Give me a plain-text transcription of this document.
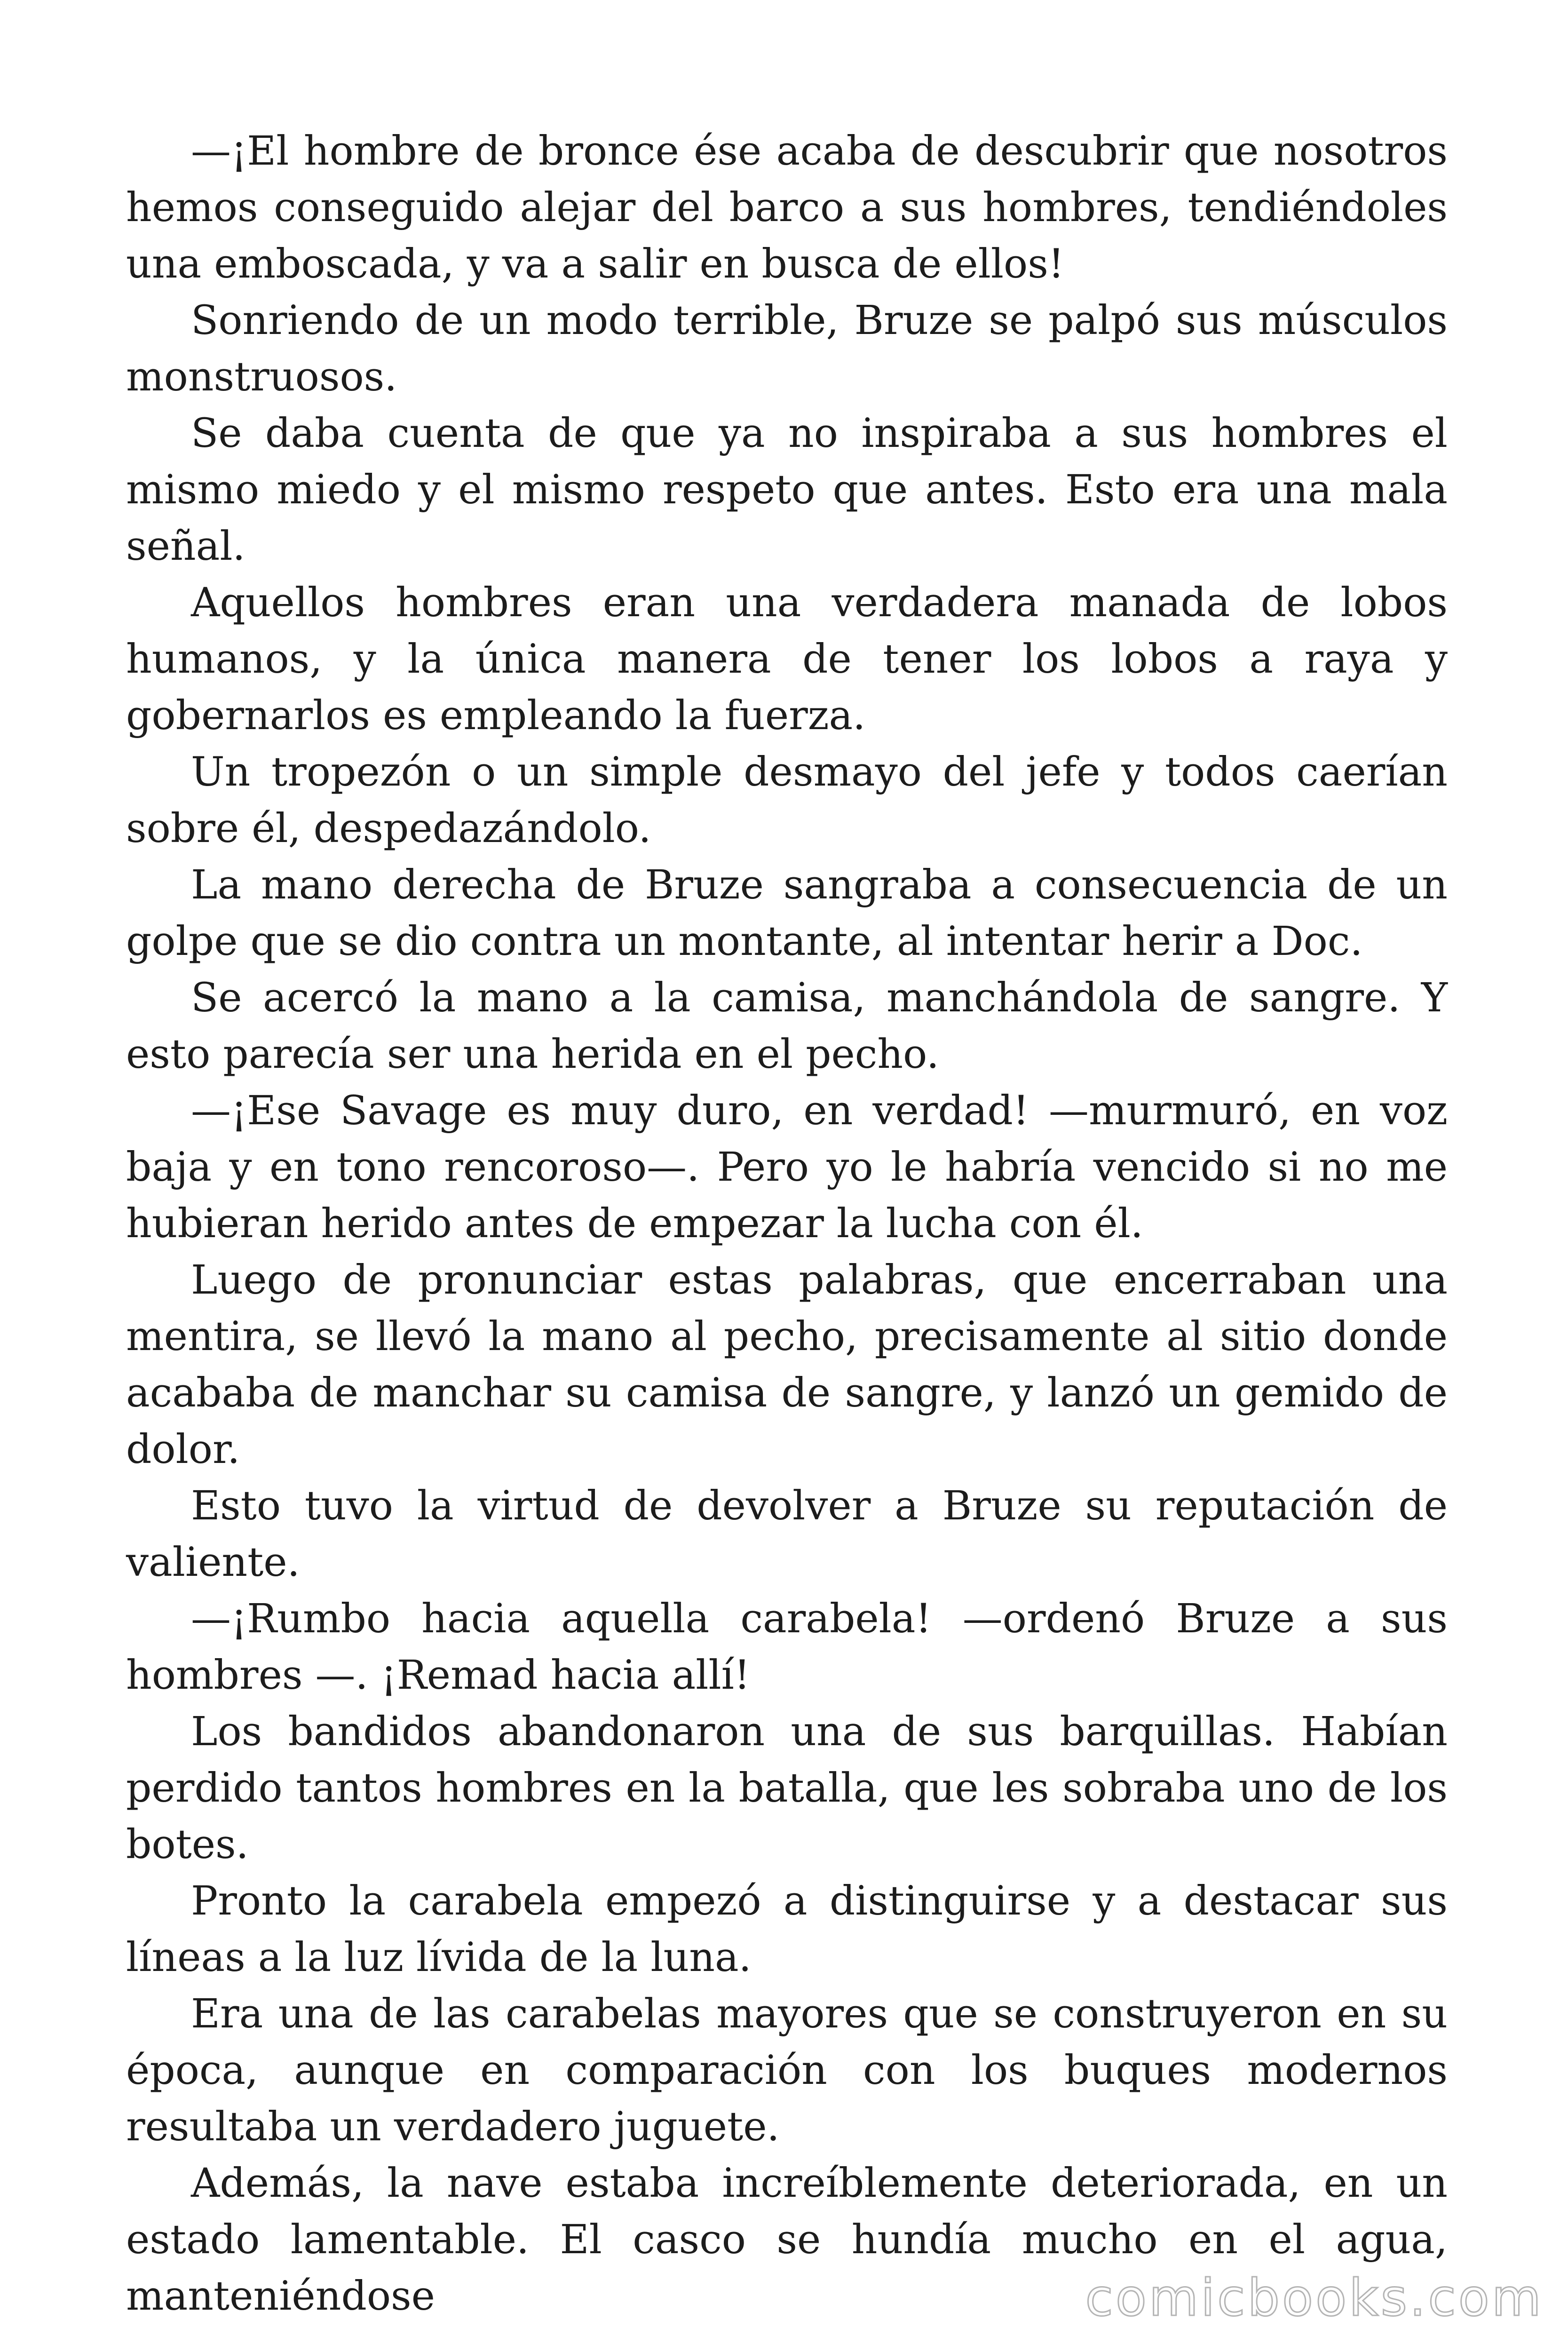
—¡El hombre de bronce ése acaba de descubrir que nosotros hemos conseguido alejar del barco a sus hombres, tendiéndoles una emboscada, y va a salir en busca de ellos!

Sonriendo de un modo terrible, Bruze se palpó sus músculos monstruosos.

Se daba cuenta de que ya no inspiraba a sus hombres el mismo miedo y el mismo respeto que antes. Esto era una mala señal.

Aquellos hombres eran una verdadera manada de lobos humanos, y la única manera de tener los lobos a raya y gobernarlos es empleando la fuerza.

Un tropezón o un simple desmayo del jefe y todos caerían sobre él, despedazándolo.

La mano derecha de Bruze sangraba a consecuencia de un golpe que se dio contra un montante, al intentar herir a Doc.

Se acercó la mano a la camisa, manchándola de sangre. Y esto parecía ser una herida en el pecho.

—¡Ese Savage es muy duro, en verdad! —murmuró, en voz baja y en tono rencoroso—. Pero yo le habría vencido si no me hubieran herido antes de empezar la lucha con él.

Luego de pronunciar estas palabras, que encerraban una mentira, se llevó la mano al pecho, precisamente al sitio donde acababa de manchar su camisa de sangre, y lanzó un gemido de dolor.

Esto tuvo la virtud de devolver a Bruze su reputación de valiente.

—¡Rumbo hacia aquella carabela! —ordenó Bruze a sus hombres —. ¡Remad hacia allí!

Los bandidos abandonaron una de sus barquillas. Habían perdido tantos hombres en la batalla, que les sobraba uno de los botes.

Pronto la carabela empezó a distinguirse y a destacar sus líneas a la luz lívida de la luna.

Era una de las carabelas mayores que se construyeron en su época, aunque en comparación con los buques modernos resultaba un verdadero juguete.

Además, la nave estaba increíblemente deteriorada, en un estado lamentable. El casco se hundía mucho en el agua, manteniéndose	comicbooks.com
